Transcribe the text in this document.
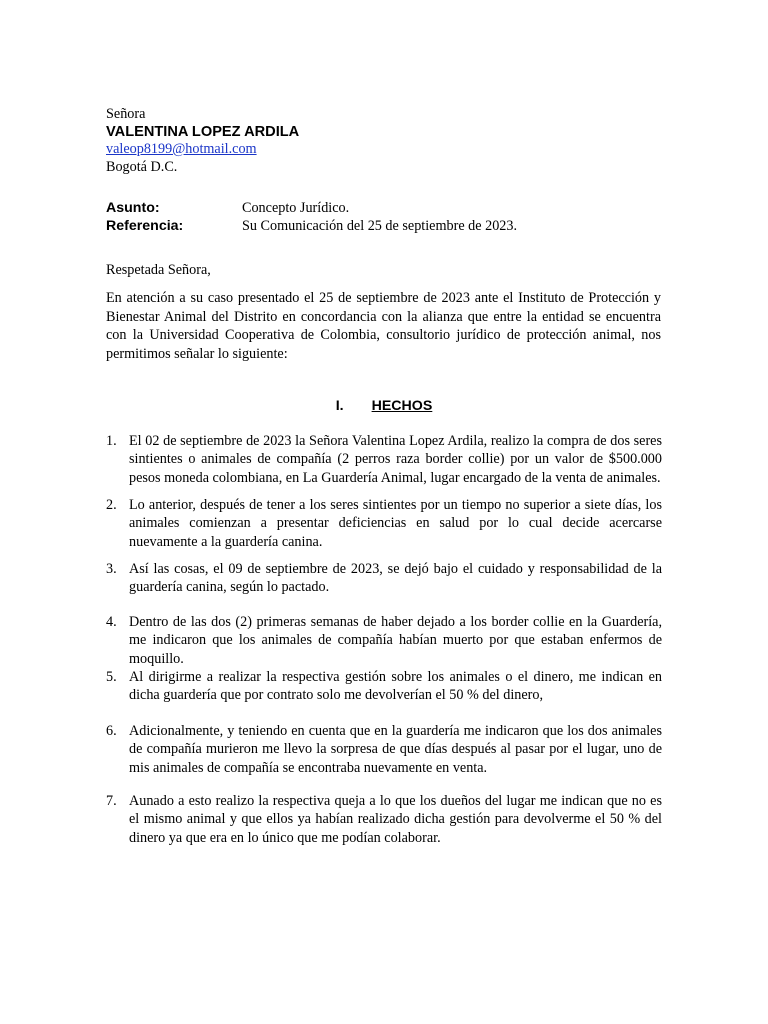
Señora
VALENTINA LOPEZ ARDILA
valeop8199@hotmail.com
Bogotá D.C.
Asunto:	Concepto Jurídico.
Referencia:	Su Comunicación del 25 de septiembre de 2023.
Respetada Señora,
En atención a su caso presentado el 25 de septiembre de 2023 ante el Instituto de Protección y Bienestar Animal del Distrito en concordancia con la alianza que entre la entidad se encuentra con la Universidad Cooperativa de Colombia, consultorio jurídico de protección animal, nos permitimos señalar lo siguiente:
I. HECHOS
1. El 02 de septiembre de 2023 la Señora Valentina Lopez Ardila, realizo la compra de dos seres sintientes o animales de compañía (2 perros raza border collie) por un valor de $500.000 pesos moneda colombiana, en La Guardería Animal, lugar encargado de la venta de animales.
2. Lo anterior, después de tener a los seres sintientes por un tiempo no superior a siete días, los animales comienzan a presentar deficiencias en salud por lo cual decide acercarse nuevamente a la guardería canina.
3. Así las cosas, el 09 de septiembre de 2023, se dejó bajo el cuidado y responsabilidad de la guardería canina, según lo pactado.
4. Dentro de las dos (2) primeras semanas de haber dejado a los border collie en la Guardería, me indicaron que los animales de compañía habían muerto por que estaban enfermos de moquillo.
5. Al dirigirme a realizar la respectiva gestión sobre los animales o el dinero, me indican en dicha guardería que por contrato solo me devolverían el 50 % del dinero,
6. Adicionalmente, y teniendo en cuenta que en la guardería me indicaron que los dos animales de compañía murieron me llevo la sorpresa de que días después al pasar por el lugar, uno de mis animales de compañía se encontraba nuevamente en venta.
7. Aunado a esto realizo la respectiva queja a lo que los dueños del lugar me indican que no es el mismo animal y que ellos ya habían realizado dicha gestión para devolverme el 50 % del dinero ya que era en lo único que me podían colaborar.
